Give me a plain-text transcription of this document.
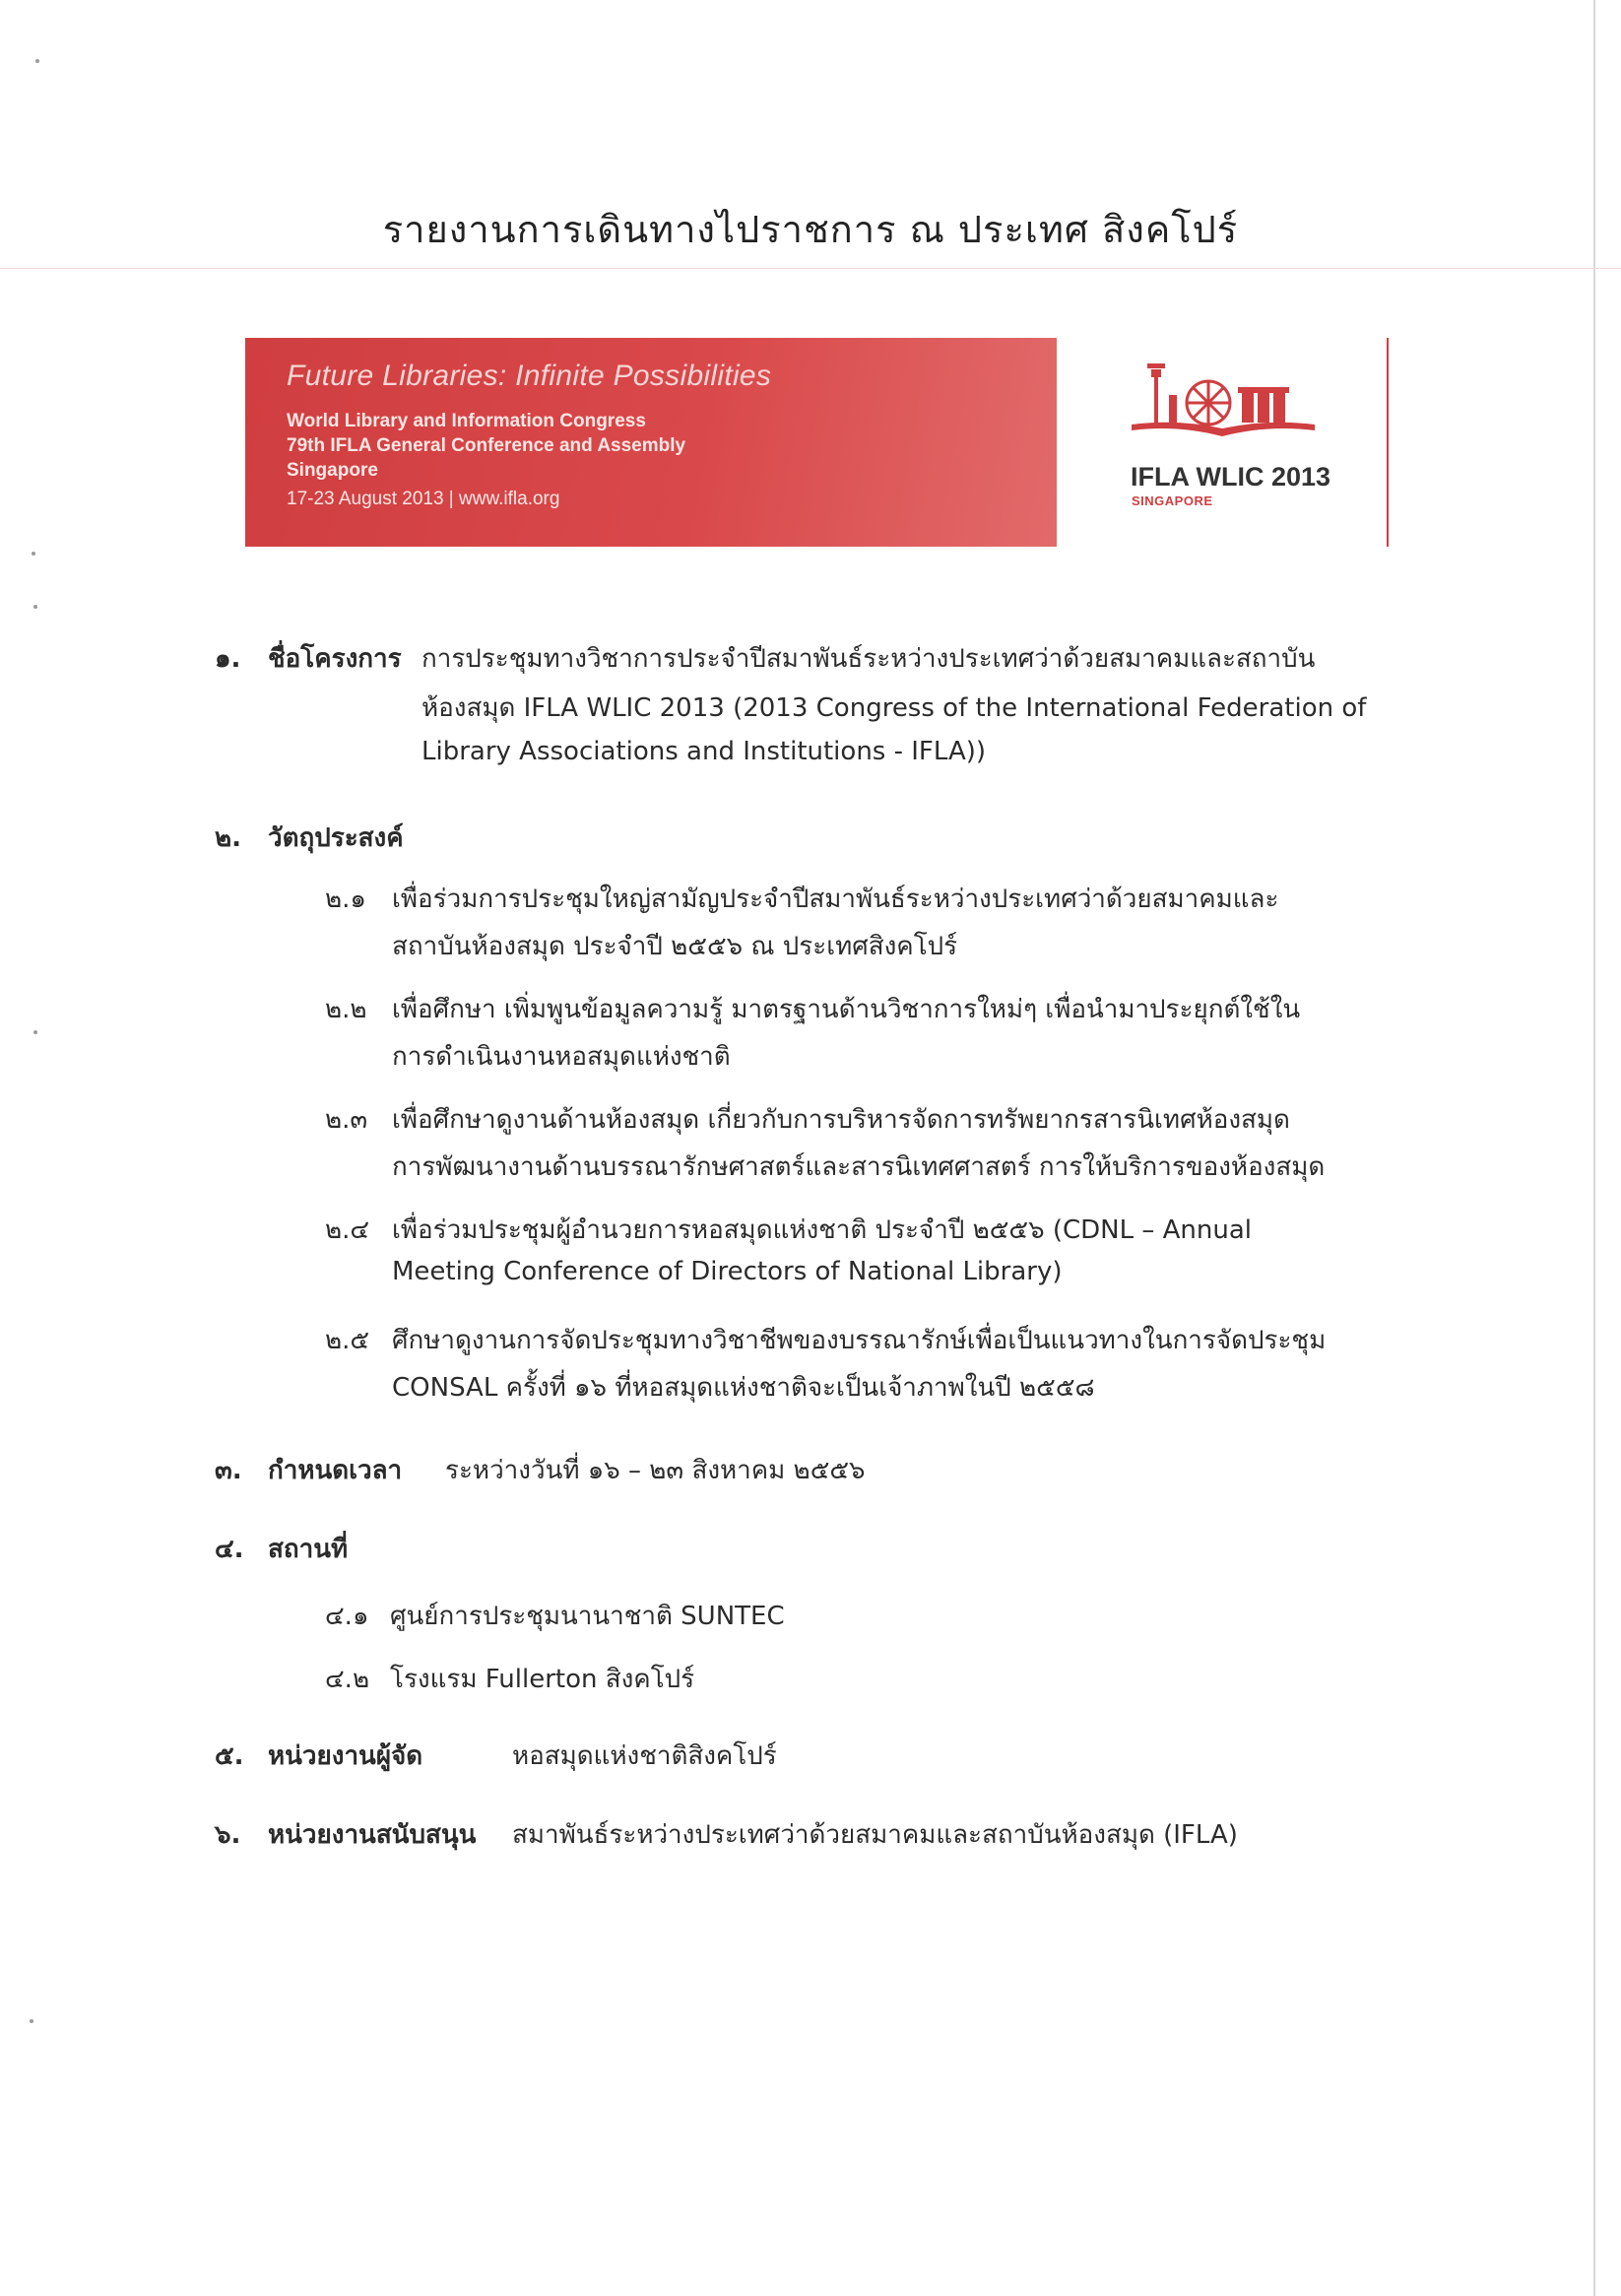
รายงานการเดินทางไปราชการ ณ ประเทศ สิงคโปร์
Future Libraries: Infinite Possibilities
World Library and Information Congress
79th IFLA General Conference and Assembly
Singapore
17-23 August 2013 | www.ifla.org
IFLA WLIC 2013
SINGAPORE
๑. ชื่อโครงการ การประชุมทางวิชาการประจำปีสมาพันธ์ระหว่างประเทศว่าด้วยสมาคมและสถาบัน
ห้องสมุด IFLA WLIC 2013 (2013 Congress of the International Federation of
Library Associations and Institutions - IFLA))
๒. วัตถุประสงค์
๒.๑ เพื่อร่วมการประชุมใหญ่สามัญประจำปีสมาพันธ์ระหว่างประเทศว่าด้วยสมาคมและ
สถาบันห้องสมุด ประจำปี ๒๕๕๖ ณ ประเทศสิงคโปร์
๒.๒ เพื่อศึกษา เพิ่มพูนข้อมูลความรู้ มาตรฐานด้านวิชาการใหม่ๆ เพื่อนำมาประยุกต์ใช้ใน
การดำเนินงานหอสมุดแห่งชาติ
๒.๓ เพื่อศึกษาดูงานด้านห้องสมุด เกี่ยวกับการบริหารจัดการทรัพยากรสารนิเทศห้องสมุด
การพัฒนางานด้านบรรณารักษศาสตร์และสารนิเทศศาสตร์ การให้บริการของห้องสมุด
๒.๔ เพื่อร่วมประชุมผู้อำนวยการหอสมุดแห่งชาติ ประจำปี ๒๕๕๖ (CDNL – Annual
Meeting Conference of Directors of National Library)
๒.๕ ศึกษาดูงานการจัดประชุมทางวิชาชีพของบรรณารักษ์เพื่อเป็นแนวทางในการจัดประชุม
CONSAL ครั้งที่ ๑๖ ที่หอสมุดแห่งชาติจะเป็นเจ้าภาพในปี ๒๕๕๘
๓. กำหนดเวลา ระหว่างวันที่ ๑๖ – ๒๓ สิงหาคม ๒๕๕๖
๔. สถานที่
๔.๑ ศูนย์การประชุมนานาชาติ SUNTEC
๔.๒ โรงแรม Fullerton สิงคโปร์
๕. หน่วยงานผู้จัด	หอสมุดแห่งชาติสิงคโปร์
๖. หน่วยงานสนับสนุน สมาพันธ์ระหว่างประเทศว่าด้วยสมาคมและสถาบันห้องสมุด (IFLA)
